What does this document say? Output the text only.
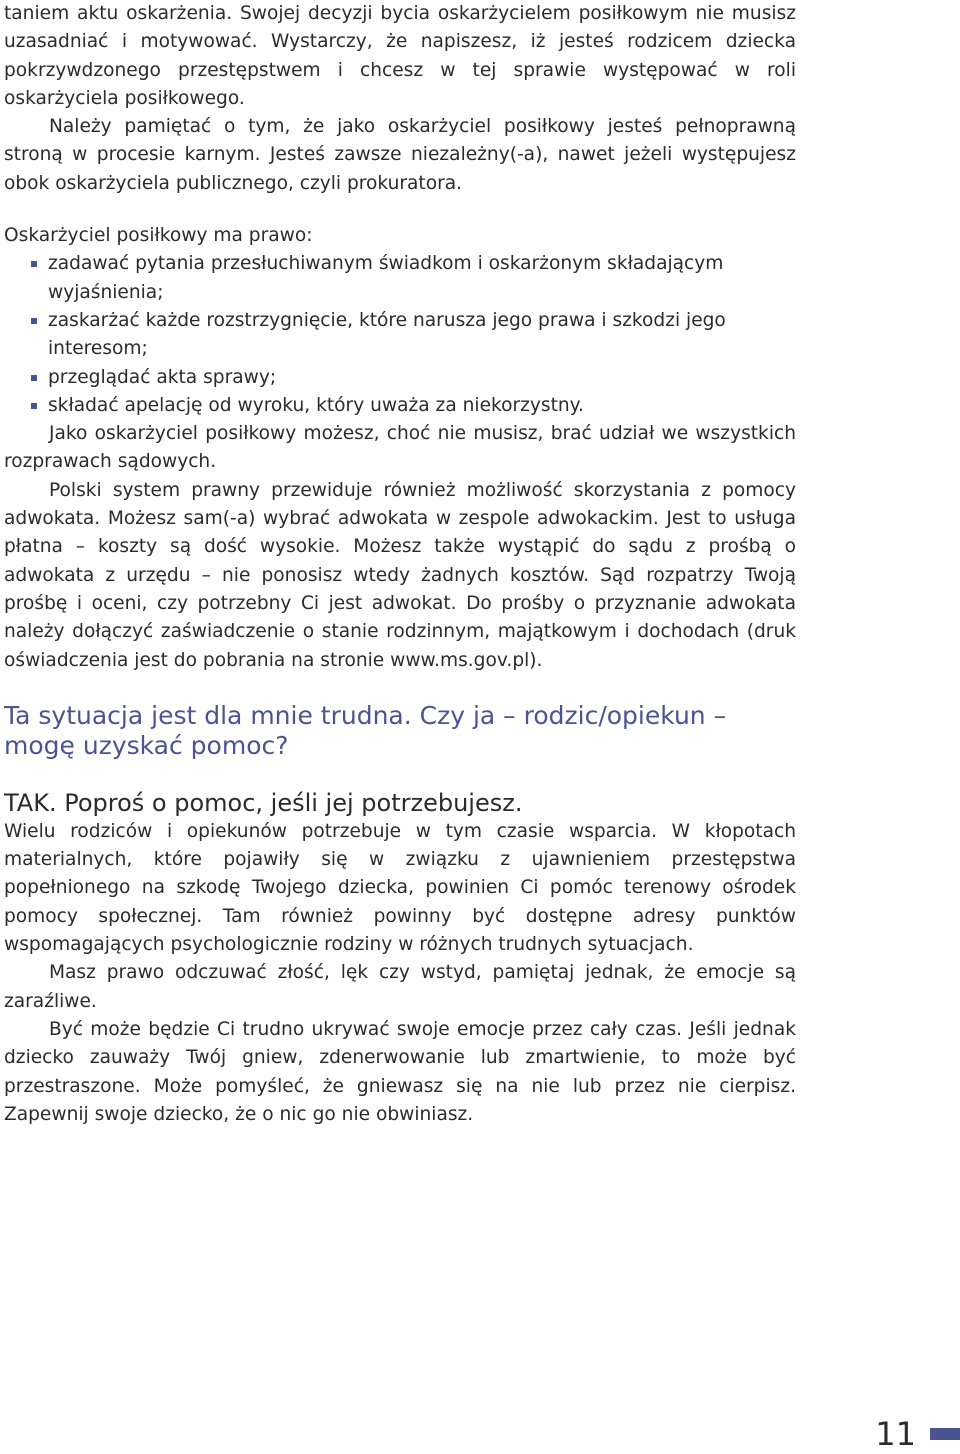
taniem aktu oskarżenia. Swojej decyzji bycia oskarżycielem posiłkowym nie musisz uzasadniać i motywować. Wystarczy, że napiszesz, iż jesteś rodzicem dziecka pokrzywdzonego przestępstwem i chcesz w tej sprawie występować w roli oskarżyciela posiłkowego.

Należy pamiętać o tym, że jako oskarżyciel posiłkowy jesteś pełnoprawną stroną w procesie karnym. Jesteś zawsze niezależny(-a), nawet jeżeli występujesz obok oskarżyciela publicznego, czyli prokuratora.

Oskarżyciel posiłkowy ma prawo:
zadawać pytania przesłuchiwanym świadkom i oskarżonym składającym wyjaśnienia;
zaskarżać każde rozstrzygnięcie, które narusza jego prawa i szkodzi jego interesom;
przeglądać akta sprawy;
składać apelację od wyroku, który uważa za niekorzystny.

Jako oskarżyciel posiłkowy możesz, choć nie musisz, brać udział we wszystkich rozprawach sądowych.

Polski system prawny przewiduje również możliwość skorzystania z pomocy adwokata. Możesz sam(-a) wybrać adwokata w zespole adwokackim. Jest to usługa płatna – koszty są dość wysokie. Możesz także wystąpić do sądu z prośbą o adwokata z urzędu – nie ponosisz wtedy żadnych kosztów. Sąd rozpatrzy Twoją prośbę i oceni, czy potrzebny Ci jest adwokat. Do prośby o przyznanie adwokata należy dołączyć zaświadczenie o stanie rodzinnym, majątkowym i dochodach (druk oświadczenia jest do pobrania na stronie www.ms.gov.pl).

Ta sytuacja jest dla mnie trudna. Czy ja – rodzic/opiekun – mogę uzyskać pomoc?
TAK. Poproś o pomoc, jeśli jej potrzebujesz.

Wielu rodziców i opiekunów potrzebuje w tym czasie wsparcia. W kłopotach materialnych, które pojawiły się w związku z ujawnieniem przestępstwa popełnionego na szkodę Twojego dziecka, powinien Ci pomóc terenowy ośrodek pomocy społecznej. Tam również powinny być dostępne adresy punktów wspomagających psychologicznie rodziny w różnych trudnych sytuacjach.

Masz prawo odczuwać złość, lęk czy wstyd, pamiętaj jednak, że emocje są zaraźliwe.

Być może będzie Ci trudno ukrywać swoje emocje przez cały czas. Jeśli jednak dziecko zauważy Twój gniew, zdenerwowanie lub zmartwienie, to może być przestraszone. Może pomyśleć, że gniewasz się na nie lub przez nie cierpisz. Zapewnij swoje dziecko, że o nic go nie obwiniasz.

11
